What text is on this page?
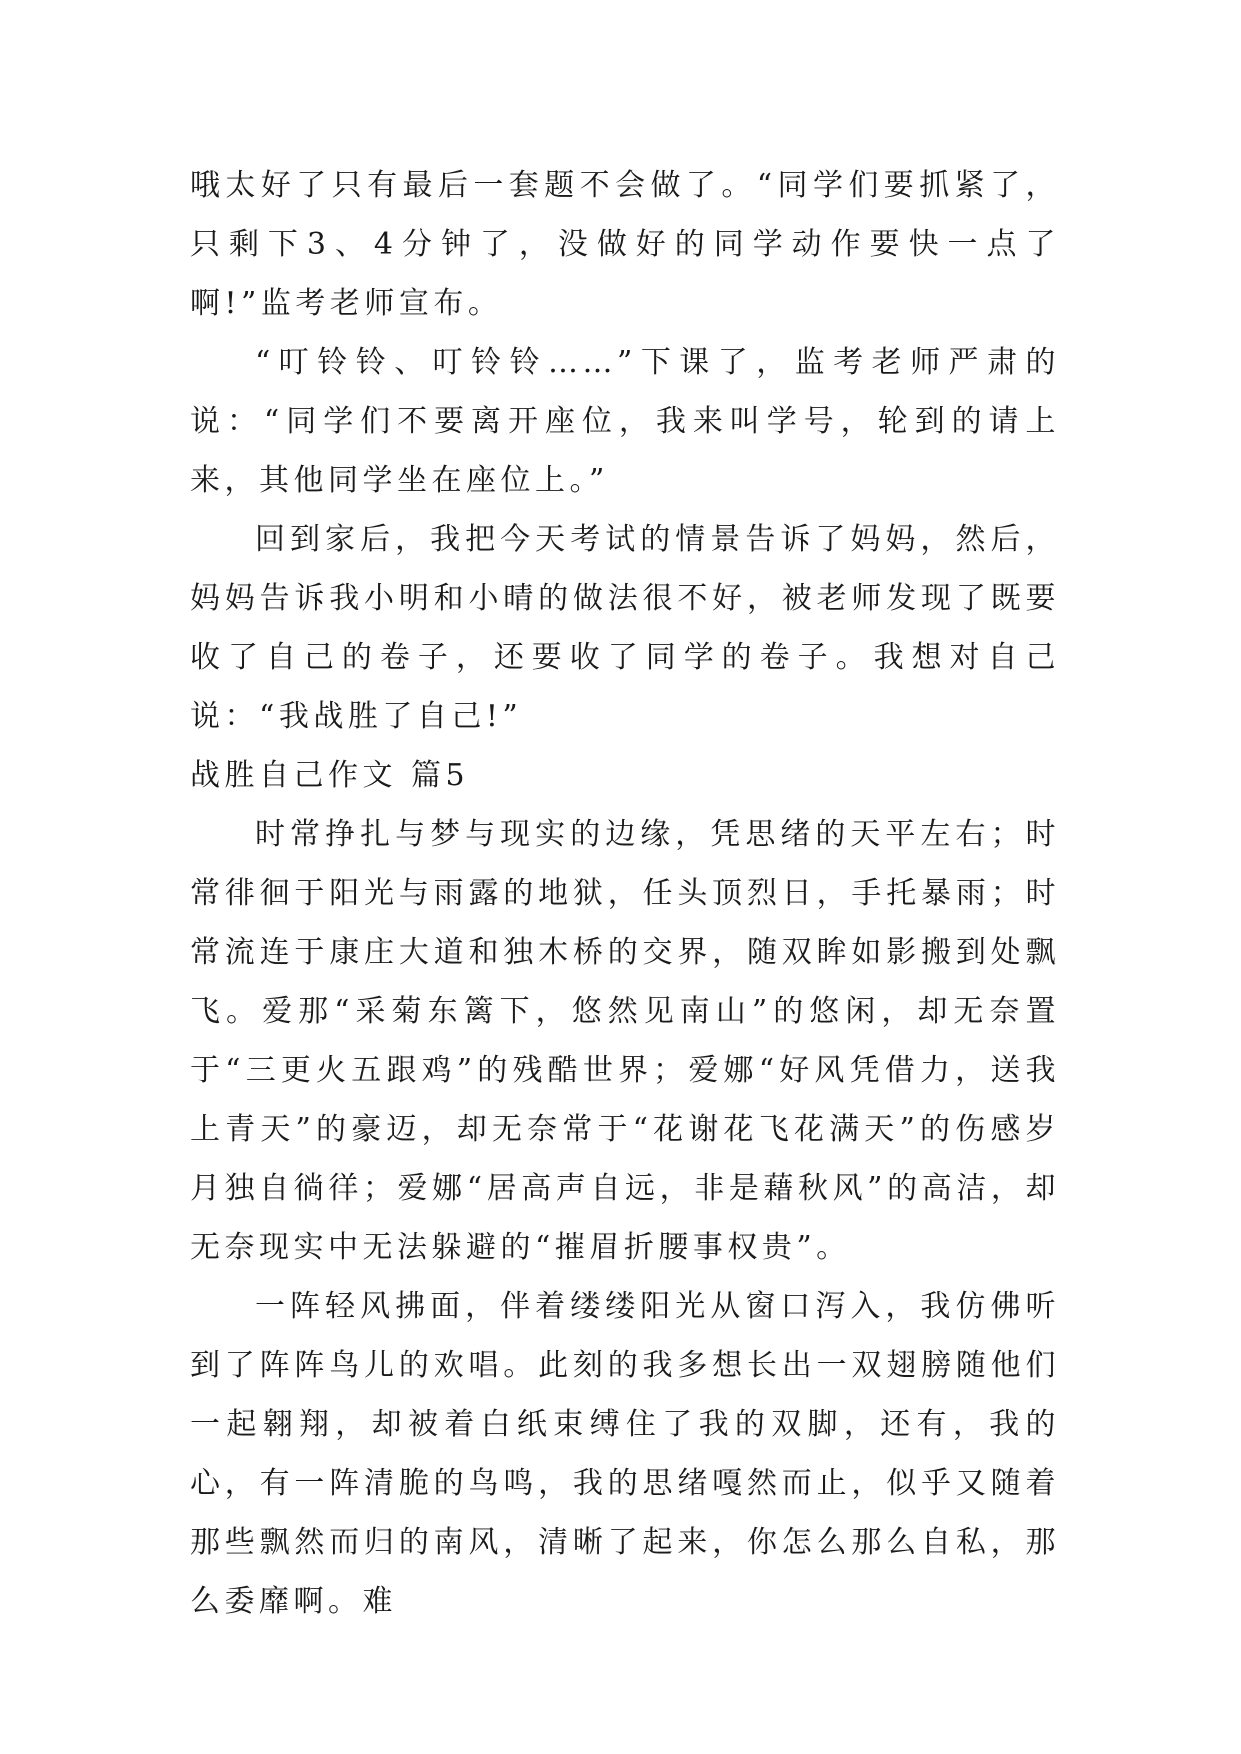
哦太好了只有最后一套题不会做了。“同学们要抓紧了，只剩下3、4分钟了，没做好的同学动作要快一点了啊!”监考老师宣布。

“叮铃铃、叮铃铃……”下课了，监考老师严肃的说：“同学们不要离开座位，我来叫学号，轮到的请上来，其他同学坐在座位上。”

回到家后，我把今天考试的情景告诉了妈妈，然后，妈妈告诉我小明和小晴的做法很不好，被老师发现了既要收了自己的卷子，还要收了同学的卷子。我想对自己说：“我战胜了自己!”

战胜自己作文 篇5

时常挣扎与梦与现实的边缘，凭思绪的天平左右；时常徘徊于阳光与雨露的地狱，任头顶烈日，手托暴雨；时常流连于康庄大道和独木桥的交界，随双眸如影搬到处飘飞。爱那“采菊东篱下，悠然见南山”的悠闲，却无奈置于“三更火五跟鸡”的残酷世界；爱娜“好风凭借力，送我上青天”的豪迈，却无奈常于“花谢花飞花满天”的伤感岁月独自徜徉；爱娜“居高声自远，非是藉秋风”的高洁，却无奈现实中无法躲避的“摧眉折腰事权贵”。

一阵轻风拂面，伴着缕缕阳光从窗口泻入，我仿佛听到了阵阵鸟儿的欢唱。此刻的我多想长出一双翅膀随他们一起翱翔，却被着白纸束缚住了我的双脚，还有，我的心，有一阵清脆的鸟鸣，我的思绪嘎然而止，似乎又随着那些飘然而归的南风，清晰了起来，你怎么那么自私，那么委靡啊。难
